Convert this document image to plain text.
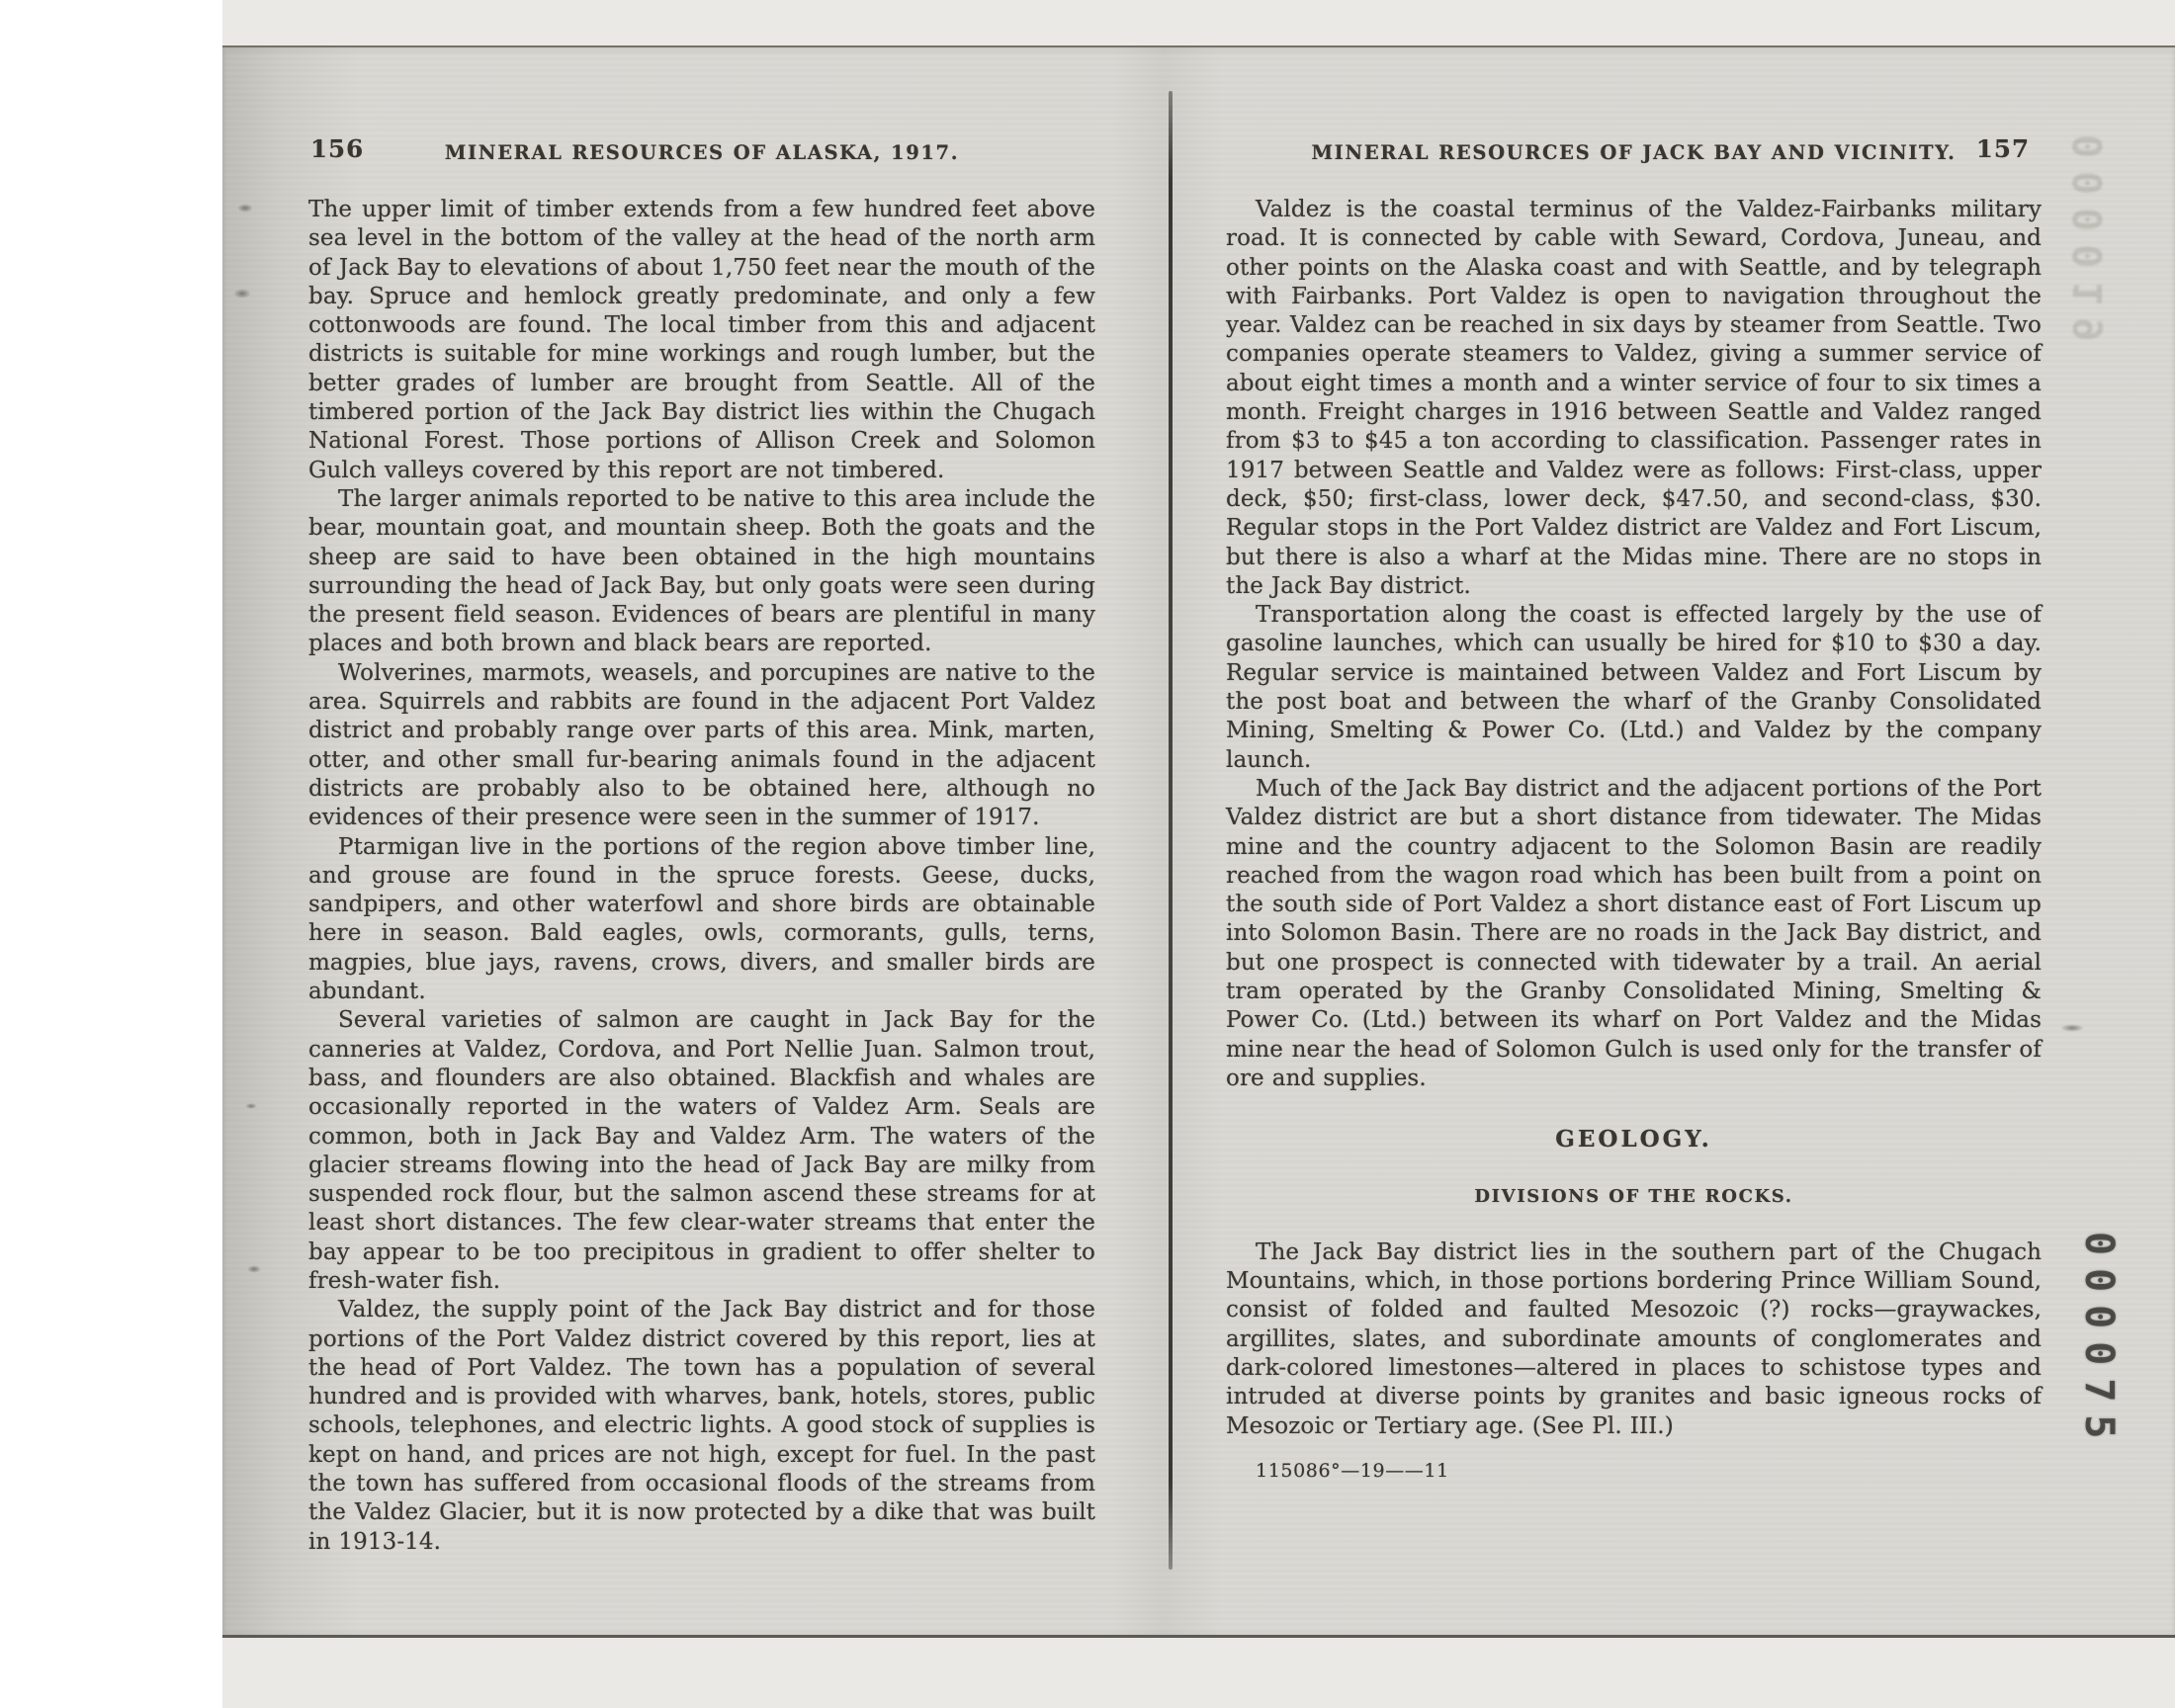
156	MINERAL RESOURCES OF ALASKA, 1917.

The upper limit of timber extends from a few hundred feet above sea level in the bottom of the valley at the head of the north arm of Jack Bay to elevations of about 1,750 feet near the mouth of the bay. Spruce and hemlock greatly predominate, and only a few cottonwoods are found. The local timber from this and adjacent districts is suitable for mine workings and rough lumber, but the better grades of lumber are brought from Seattle. All of the timbered portion of the Jack Bay district lies within the Chugach National Forest. Those portions of Allison Creek and Solomon Gulch valleys covered by this report are not timbered.

The larger animals reported to be native to this area include the bear, mountain goat, and mountain sheep. Both the goats and the sheep are said to have been obtained in the high mountains surrounding the head of Jack Bay, but only goats were seen during the present field season. Evidences of bears are plentiful in many places and both brown and black bears are reported.

Wolverines, marmots, weasels, and porcupines are native to the area. Squirrels and rabbits are found in the adjacent Port Valdez district and probably range over parts of this area. Mink, marten, otter, and other small fur-bearing animals found in the adjacent districts are probably also to be obtained here, although no evidences of their presence were seen in the summer of 1917.

Ptarmigan live in the portions of the region above timber line, and grouse are found in the spruce forests. Geese, ducks, sandpipers, and other waterfowl and shore birds are obtainable here in season. Bald eagles, owls, cormorants, gulls, terns, magpies, blue jays, ravens, crows, divers, and smaller birds are abundant.

Several varieties of salmon are caught in Jack Bay for the canneries at Valdez, Cordova, and Port Nellie Juan. Salmon trout, bass, and flounders are also obtained. Blackfish and whales are occasionally reported in the waters of Valdez Arm. Seals are common, both in Jack Bay and Valdez Arm. The waters of the glacier streams flowing into the head of Jack Bay are milky from suspended rock flour, but the salmon ascend these streams for at least short distances. The few clear-water streams that enter the bay appear to be too precipitous in gradient to offer shelter to fresh-water fish.

Valdez, the supply point of the Jack Bay district and for those portions of the Port Valdez district covered by this report, lies at the head of Port Valdez. The town has a population of several hundred and is provided with wharves, bank, hotels, stores, public schools, telephones, and electric lights. A good stock of supplies is kept on hand, and prices are not high, except for fuel. In the past the town has suffered from occasional floods of the streams from the Valdez Glacier, but it is now protected by a dike that was built in 1913-14.

MINERAL RESOURCES OF JACK BAY AND VICINITY. 157

Valdez is the coastal terminus of the Valdez-Fairbanks military road. It is connected by cable with Seward, Cordova, Juneau, and other points on the Alaska coast and with Seattle, and by telegraph with Fairbanks. Port Valdez is open to navigation throughout the year. Valdez can be reached in six days by steamer from Seattle. Two companies operate steamers to Valdez, giving a summer service of about eight times a month and a winter service of four to six times a month. Freight charges in 1916 between Seattle and Valdez ranged from $3 to $45 a ton according to classification. Passenger rates in 1917 between Seattle and Valdez were as follows: First-class, upper deck, $50; first-class, lower deck, $47.50, and second-class, $30. Regular stops in the Port Valdez district are Valdez and Fort Liscum, but there is also a wharf at the Midas mine. There are no stops in the Jack Bay district.

Transportation along the coast is effected largely by the use of gasoline launches, which can usually be hired for $10 to $30 a day. Regular service is maintained between Valdez and Fort Liscum by the post boat and between the wharf of the Granby Consolidated Mining, Smelting & Power Co. (Ltd.) and Valdez by the company launch.

Much of the Jack Bay district and the adjacent portions of the Port Valdez district are but a short distance from tidewater. The Midas mine and the country adjacent to the Solomon Basin are readily reached from the wagon road which has been built from a point on the south side of Port Valdez a short distance east of Fort Liscum up into Solomon Basin. There are no roads in the Jack Bay district, and but one prospect is connected with tidewater by a trail. An aerial tram operated by the Granby Consolidated Mining, Smelting & Power Co. (Ltd.) between its wharf on Port Valdez and the Midas mine near the head of Solomon Gulch is used only for the transfer of ore and supplies.

GEOLOGY.
DIVISIONS OF THE ROCKS.

The Jack Bay district lies in the southern part of the Chugach Mountains, which, in those portions bordering Prince William Sound, consist of folded and faulted Mesozoic (?) rocks—graywackes, argillites, slates, and subordinate amounts of conglomerates and dark-colored limestones—altered in places to schistose types and intruded at diverse points by granites and basic igneous rocks of Mesozoic or Tertiary age. (See Pl. III.)

115086°—19——11
000075
000019
